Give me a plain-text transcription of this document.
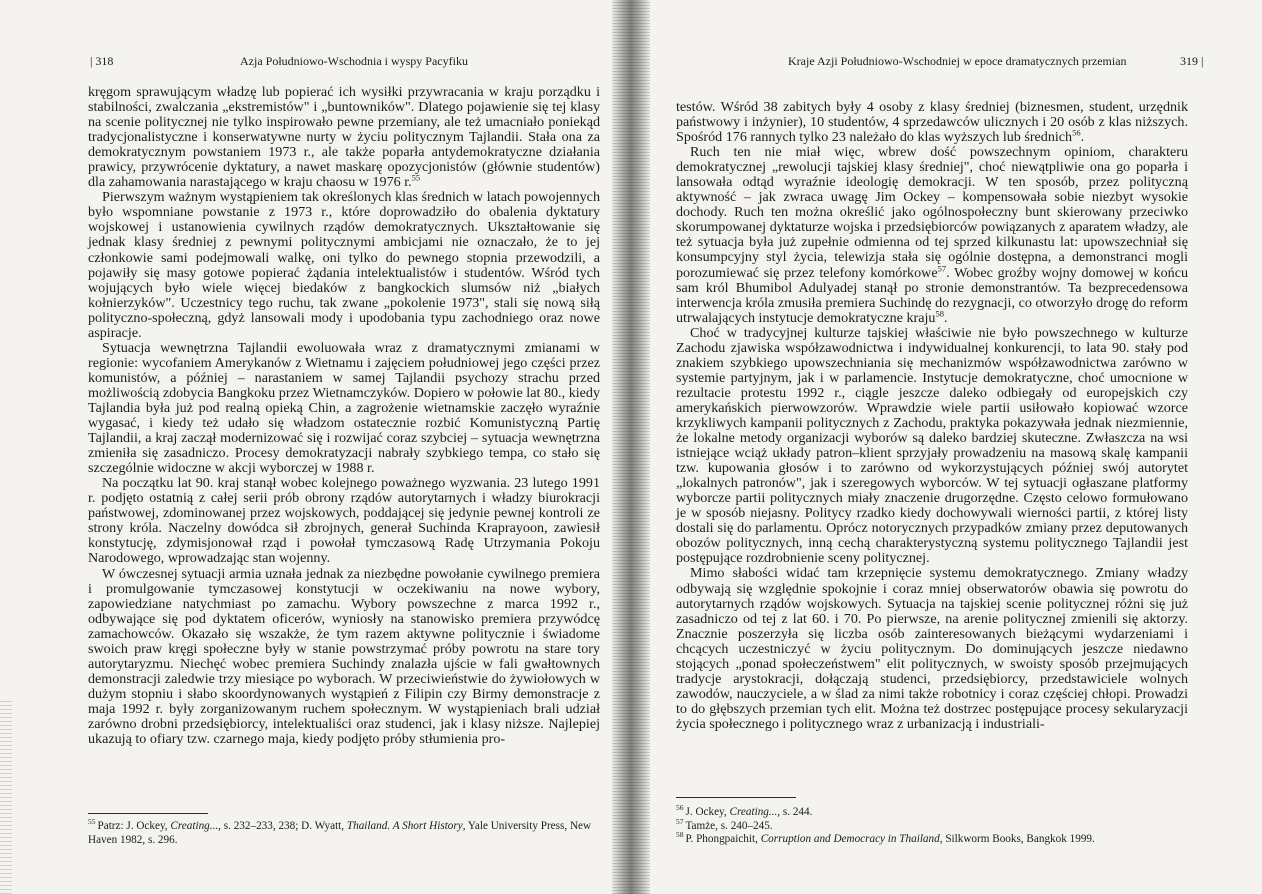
| 318	Azja Południowo-Wschodnia i wyspy Pacyfiku

kręgom sprawującym władzę lub popierać ich wysiłki przywracania w kraju porządku i stabilności, zwalczania „ekstremistów" i „buntowników". Dlatego pojawienie się tej klasy na scenie politycznej nie tylko inspirowało pewne przemiany, ale też umacniało poniekąd tradycjonalistyczne i konserwatywne nurty w życiu politycznym Tajlandii. Stała ona za demokratycznym powstaniem 1973 r., ale także poparła antydemokratyczne działania prawicy, przywrócenie dyktatury, a nawet maskarę opozycjonistów (głównie studentów) dla zahamowania narastającego w kraju chaosu w 1976 r.$^{55}$

Pierwszym ważnym wystąpieniem tak określonych klas średnich w latach powojennych było wspomniane powstanie z 1973 r., które doprowadziło do obalenia dyktatury wojskowej i ustanowienia cywilnych rządów demokratycznych. Ukształtowanie się jednak klasy średniej z pewnymi politycznymi ambicjami nie oznaczało, że to jej członkowie sami podejmowali walkę, oni tylko do pewnego stopnia przewodzili, a pojawiły się masy gotowe popierać żądania intelektualistów i studentów. Wśród tych wojujących było wiele więcej biedaków z bangkockich slumsów niż „białych kołnierzyków". Uczestnicy tego ruchu, tak zwane „pokolenie 1973", stali się nową siłą polityczno-społeczną, gdyż lansowali mody i upodobania typu zachodniego oraz nowe aspiracje.

Sytuacja wewnętrzna Tajlandii ewoluowała wraz z dramatycznymi zmianami w regionie: wycofaniem Amerykanów z Wietnamu i zajęciem południowej jego części przez komunistów, a później – narastaniem w samej Tajlandii psychozy strachu przed możliwością zdobycia Bangkoku przez Wietnamczyków. Dopiero w połowie lat 80., kiedy Tajlandia była już pod realną opieką Chin, a zagrożenie wietnamskie zaczęło wyraźnie wygasać, i kiedy też udało się władzom ostatecznie rozbić Komunistyczną Partię Tajlandii, a kraj zaczął modernizować się i rozwijać coraz szybciej – sytuacja wewnętrzna zmieniła się zasadniczo. Procesy demokratyzacji nabrały szybkiego tempa, co stało się szczególnie widoczne w akcji wyborczej w 1988 r.

Na początku lat 90. kraj stanął wobec kolejnego poważnego wyzwania. 23 lutego 1991 r. podjęto ostatnią z całej serii prób obrony rządów autorytarnych i władzy biurokracji państwowej, zdominowanej przez wojskowych, poddającej się jedynie pewnej kontroli ze strony króla. Naczelny dowódca sił zbrojnych, generał Suchinda Kraprayoon, zawiesił konstytucję, zdymisjonował rząd i powołał tymczasową Radę Utrzymania Pokoju Narodowego, wprowadzając stan wojenny.

W ówczesnej sytuacji armia uznała jednak za niezbędne powołanie cywilnego premiera i promulgowanie tymczasowej konstytucji w oczekiwaniu na nowe wybory, zapowiedziane natychmiast po zamachu. Wybory powszechne z marca 1992 r., odbywające się pod dyktatem oficerów, wyniosły na stanowisko premiera przywódcę zamachowców. Okazało się wszakże, że tym razem aktywne politycznie i świadome swoich praw kręgi społeczne były w stanie powstrzymać próby powrotu na stare tory autorytaryzmu. Niechęć wobec premiera Suchindy znalazła ujście w fali gwałtownych demonstracji zaledwie trzy miesiące po wyborach. W przeciwieństwie do żywiołowych w dużym stopniu i słabo skoordynowanych wystąpień z Filipin czy Birmy demonstracje z maja 1992 r. były zorganizowanym ruchem społecznym. W wystąpieniach brali udział zarówno drobni przedsiębiorcy, intelektualiści oraz studenci, jak i klasy niższe. Najlepiej ukazują to ofiary tzw. czarnego maja, kiedy podjęto próby stłumienia pro-

$^{55}$ Patrz: J. Ockey, Creating..., s. 232–233, 238; D. Wyatt, Thailand. A Short History, Yale University Press, New Haven 1982, s. 296.
Kraje Azji Południowo-Wschodniej w epoce dramatycznych przemian	319 |

testów. Wśród 38 zabitych były 4 osoby z klasy średniej (biznesmen, student, urzędnik państwowy i inżynier), 10 studentów, 4 sprzedawców ulicznych i 20 osób z klas niższych. Spośród 176 rannych tylko 23 należało do klas wyższych lub średnich$^{56}$.

Ruch ten nie miał więc, wbrew dość powszechnym opiniom, charakteru demokratycznej „rewolucji tajskiej klasy średniej", choć niewątpliwie ona go poparła i lansowała odtąd wyraźnie ideologię demokracji. W ten sposób, przez polityczną aktywność – jak zwraca uwagę Jim Ockey – kompensowała sobie niezbyt wysokie dochody. Ruch ten można określić jako ogólnospołeczny bunt skierowany przeciwko skorumpowanej dyktaturze wojska i przedsiębiorców powiązanych z aparatem władzy, ale też sytuacja była już zupełnie odmienna od tej sprzed kilkunastu lat: upowszechniał się konsumpcyjny styl życia, telewizja stała się ogólnie dostępna, a demonstranci mogli porozumiewać się przez telefony komórkowe$^{57}$. Wobec groźby wojny domowej w końcu sam król Bhumibol Adulyadej stanął po stronie demonstrantów. Ta bezprecedensowa interwencja króla zmusiła premiera Suchindę do rezygnacji, co otworzyło drogę do reform utrwalających instytucje demokratyczne kraju$^{58}$.

Choć w tradycyjnej kulturze tajskiej właściwie nie było powszechnego w kulturze Zachodu zjawiska współzawodnictwa i indywidualnej konkurencji, to lata 90. stały pod znakiem szybkiego upowszechniania się mechanizmów współzawodnictwa zarówno w systemie partyjnym, jak i w parlamencie. Instytucje demokratyczne, choć umocnione w rezultacie protestu 1992 r., ciągle jeszcze daleko odbiegały od europejskich czy amerykańskich pierwowzorów. Wprawdzie wiele partii usiłowało kopiować wzorce krzykliwych kampanii politycznych z Zachodu, praktyka pokazywała jednak niezmiennie, że lokalne metody organizacji wyborów są daleko bardziej skuteczne. Zwłaszcza na wsi istniejące wciąż układy patron–klient sprzyjały prowadzeniu na masową skalę kampanii tzw. kupowania głosów i to zarówno od wykorzystujących później swój autorytet „lokalnych patronów", jak i szeregowych wyborców. W tej sytuacji ogłaszane platformy wyborcze partii politycznych miały znaczenie drugorzędne. Często celowo formułowano je w sposób niejasny. Politycy rzadko kiedy dochowywali wierności partii, z której listy dostali się do parlamentu. Oprócz notorycznych przypadków zmiany przez deputowanych obozów politycznych, inną cechą charakterystyczną systemu politycznego Tajlandii jest postępujące rozdrobnienie sceny politycznej.

Mimo słabości widać tam krzepnięcie systemu demokratycznego. Zmiany władzy odbywają się względnie spokojnie i coraz mniej obserwatorów obawia się powrotu do autorytarnych rządów wojskowych. Sytuacja na tajskiej scenie politycznej różni się już zasadniczo od tej z lat 60. i 70. Po pierwsze, na arenie politycznej zmienili się aktorzy. Znacznie poszerzyła się liczba osób zainteresowanych bieżącymi wydarzeniami i chcących uczestniczyć w życiu politycznym. Do dominujących jeszcze niedawno stojących „ponad społeczeństwem" elit politycznych, w swoisty sposób przejmujących tradycje arystokracji, dołączają studenci, przedsiębiorcy, przedstawiciele wolnych zawodów, nauczyciele, a w ślad za nimi także robotnicy i coraz częściej chłopi. Prowadzi to do głębszych przemian tych elit. Można też dostrzec postępujące procesy sekularyzacji życia społecznego i politycznego wraz z urbanizacją i industriali-

$^{56}$ J. Ockey, Creating..., s. 244.
$^{57}$ Tamże, s. 240–245.
$^{58}$ P. Phongpaichit, Corruption and Democracy in Thailand, Silkworm Books, Bangkok 1999.
